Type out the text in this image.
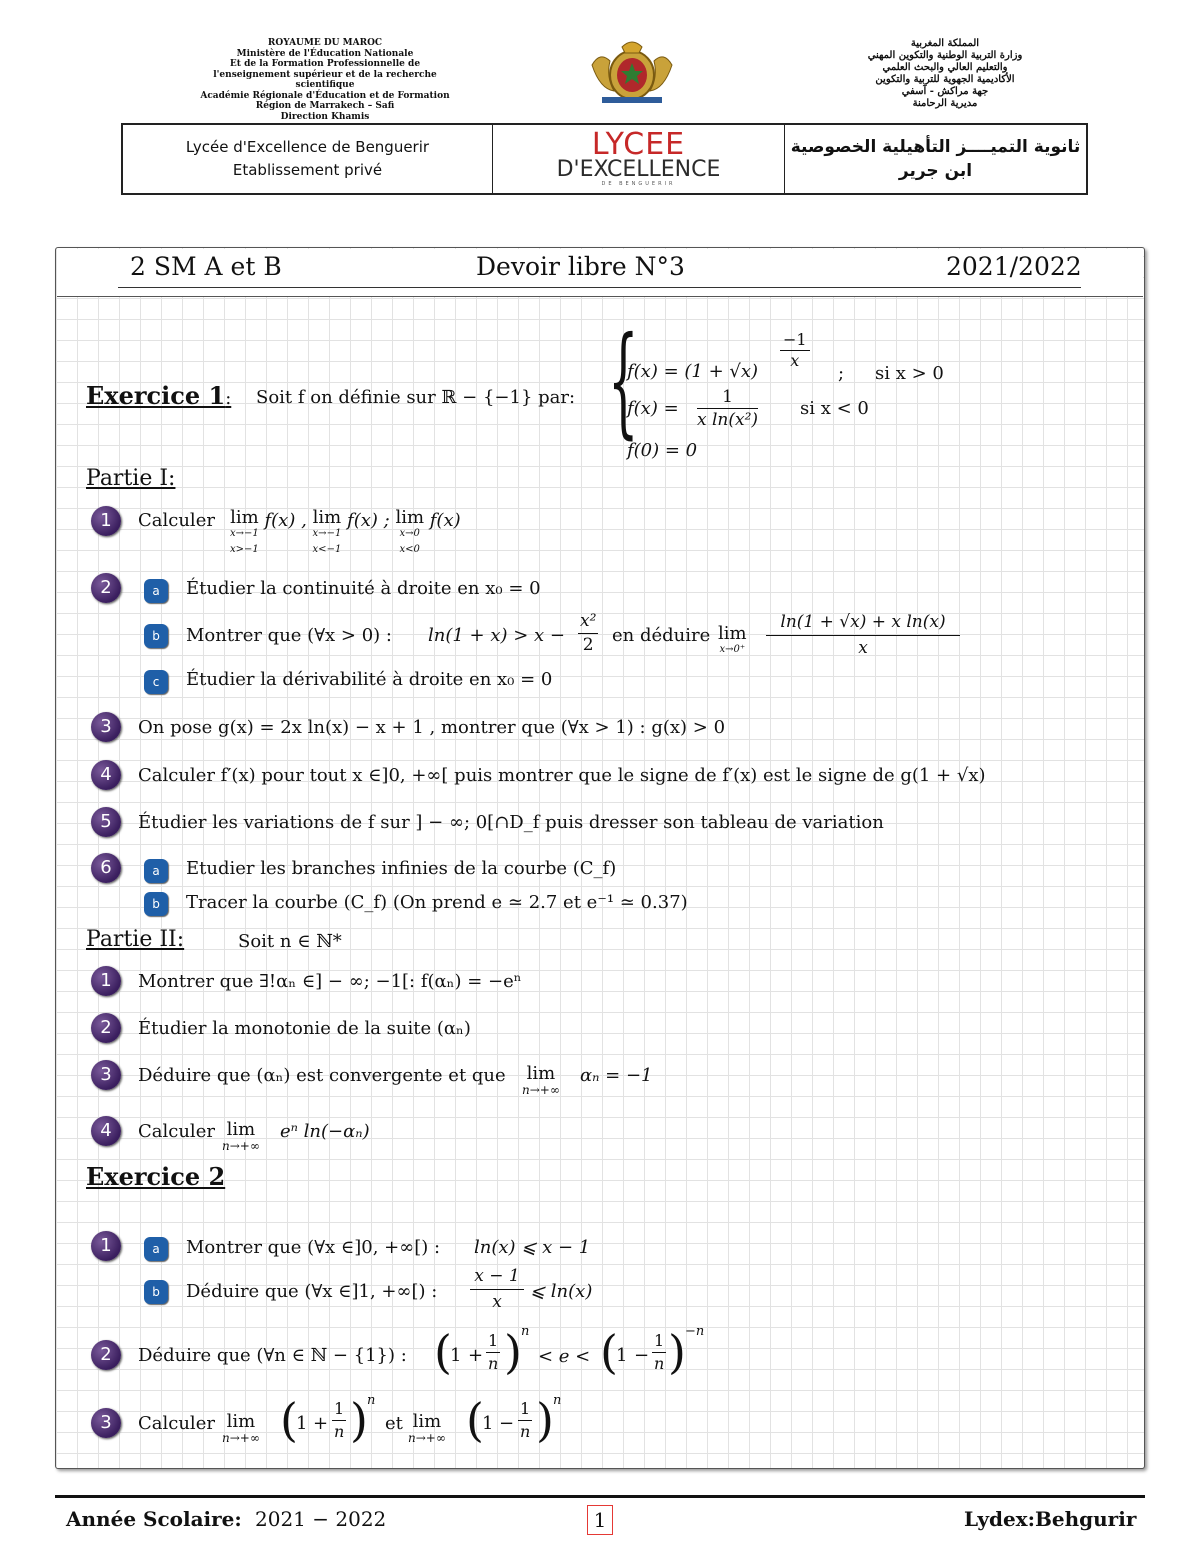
ROYAUME DU MAROC
Ministère de l'Éducation Nationale
Et de la Formation Professionnelle de
l'enseignement supérieur et de la recherche scientifique
Académie Régionale d'Éducation et de Formation
Région de Marrakech – Safi
Direction Khamis
المملكة المغربية
وزارة التربية الوطنية والتكوين المهني
والتعليم العالي والبحث العلمي
الأكاديمية الجهوية للتربية والتكوين
جهة مراكش - آسفي
مديرية الرحامنة
Lycée d'Excellence de Benguerir
Etablissement privé
LYCEE
D'EXCELLENCE
DE BENGUERIR
ثانوية التميــــز التأهيلية الخصوصية
ابن جرير
2 SM A et B	Devoir libre N°3	2021/2022
Exercice 1: Soit f on définie sur ℝ − {−1} par: {
f(x) = (1 + √x)
$\frac{-1}{x}$
; si x > 0
$f(x) = \frac{1}{\text{x ln(x²)}}$ si x < 0
f(0) = 0
Partie I:
1	Calculer lim
x→−1
x>−1
f(x) , lim
x→−1
x<−1
f(x) ; lim
x→0
x<0
f(x)
2	a	Étudier la continuité à droite en x₀ = 0
b	Montrer que (∀x > 0) : $\ln(1 + x) > x - \frac{\text{x²}}{2}$ en déduire lim
$x\to 0^+ \frac{\text{ln(1 + √x) + x ln(x)}}{x}$
c	Étudier la dérivabilité à droite en x₀ = 0
3	On pose g(x) = 2x ln(x) − x + 1 , montrer que (∀x > 1) : g(x) > 0
4	Calculer f′(x) pour tout x ∈]0, +∞[ puis montrer que le signe de f′(x) est le signe de g(1 + √x)
5	Étudier les variations de f sur ] − ∞; 0[∩D_f puis dresser son tableau de variation
6	a	Etudier les branches infinies de la courbe (C_f)
b	Tracer la courbe (C_f) (On prend e ≃ 2.7 et e⁻¹ ≃ 0.37)
Partie II:	Soit n ∈ ℕ*
1	Montrer que ∃!αₙ ∈] − ∞; −1[: f(αₙ) = −eⁿ
2	Étudier la monotonie de la suite (αₙ)
3	Déduire que (αₙ) est convergente et que lim
n→+∞
αₙ = −1
4	Calculer lim
n→+∞
eⁿ ln(−αₙ)
Exercice 2
1	a	Montrer que (∀x ∈]0, +∞[) : ln(x) ⩽ x − 1
b	Déduire que (∀x ∈]1, +∞[) : $\frac{x - 1}{x}$ ⩽ ln(x)
2	Déduire que (∀n ∈ ℕ − {1}) : (
$1 + \frac{1}{n}$ ) n
< e < (
$1 - \frac{1}{n}$ ) −n
3	Calculer lim
n→+∞ (
$1 + \frac{1}{n}$ ) n
et lim
n→+∞ (
$1 - \frac{1}{n}$ ) n
Année Scolaire: 2021 − 2022	1	Lydex:Behgurir
